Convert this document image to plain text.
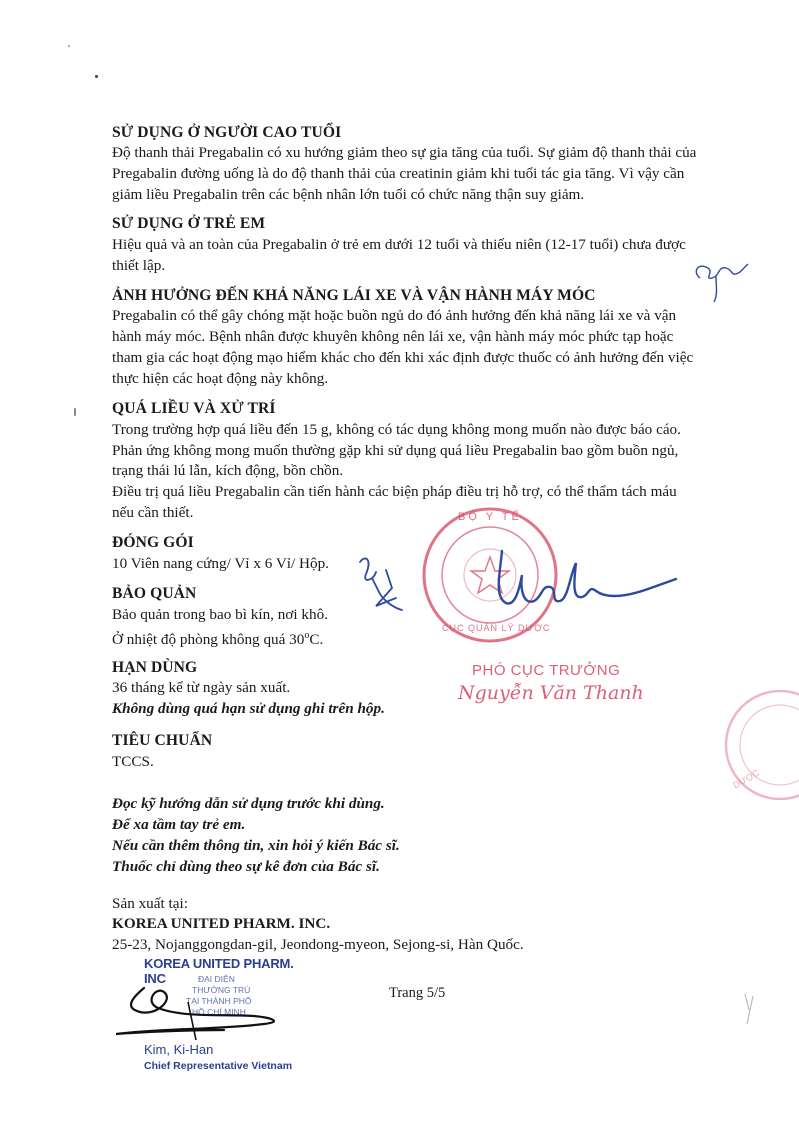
SỬ DỤNG Ở NGƯỜI CAO TUỔI
Độ thanh thải Pregabalin có xu hướng giảm theo sự gia tăng của tuổi. Sự giảm độ thanh thải của
Pregabalin đường uống là do độ thanh thải của creatinin giảm khi tuổi tác gia tăng. Vì vậy cần
giảm liều Pregabalin trên các bệnh nhân lớn tuổi có chức năng thận suy giảm.
SỬ DỤNG Ở TRẺ EM
Hiệu quả và an toàn của Pregabalin ở trẻ em dưới 12 tuổi và thiếu niên (12-17 tuổi) chưa được
thiết lập.
ẢNH HƯỞNG ĐẾN KHẢ NĂNG LÁI XE VÀ VẬN HÀNH MÁY MÓC
Pregabalin có thể gây chóng mặt hoặc buồn ngủ do đó ảnh hưởng đến khả năng lái xe và vận
hành máy móc. Bệnh nhân được khuyên không nên lái xe, vận hành máy móc phức tạp hoặc
tham gia các hoạt động mạo hiểm khác cho đến khi xác định được thuốc có ảnh hưởng đến việc
thực hiện các hoạt động này không.
QUÁ LIỀU VÀ XỬ TRÍ
Trong trường hợp quá liều đến 15 g, không có tác dụng không mong muốn nào được báo cáo.
Phản ứng không mong muốn thường gặp khi sử dụng quá liều Pregabalin bao gồm buồn ngủ,
trạng thái lú lẫn, kích động, bồn chồn.
Điều trị quá liều Pregabalin cần tiến hành các biện pháp điều trị hỗ trợ, có thể thẩm tách máu
nếu cần thiết.
ĐÓNG GÓI
10 Viên nang cứng/ Vỉ x 6 Vỉ/ Hộp.
BẢO QUẢN
Bảo quản trong bao bì kín, nơi khô.
Ở nhiệt độ phòng không quá 30$^o$C.
HẠN DÙNG
36 tháng kể từ ngày sản xuất.
Không dùng quá hạn sử dụng ghi trên hộp.
TIÊU CHUẨN
TCCS.
Đọc kỹ hướng dẫn sử dụng trước khi dùng.
Để xa tầm tay trẻ em.
Nếu cần thêm thông tin, xin hỏi ý kiến Bác sĩ.
Thuốc chỉ dùng theo sự kê đơn của Bác sĩ.
Sản xuất tại:
KOREA UNITED PHARM. INC.
25-23, Nojanggongdan-gil, Jeondong-myeon, Sejong-si, Hàn Quốc.
Trang 5/5
BỘ Y TẾ
CỤC QUẢN LÝ DƯỢC
PHÓ CỤC TRƯỞNG
Nguyễn Văn Thanh
DƯỢC
KOREA UNITED PHARM. INC	ĐẠI DIỆN
THƯỜNG TRÚ
TẠI THÀNH PHỐ
HỒ CHÍ MINH
Kim, Ki-Han
Chief Representative Vietnam
